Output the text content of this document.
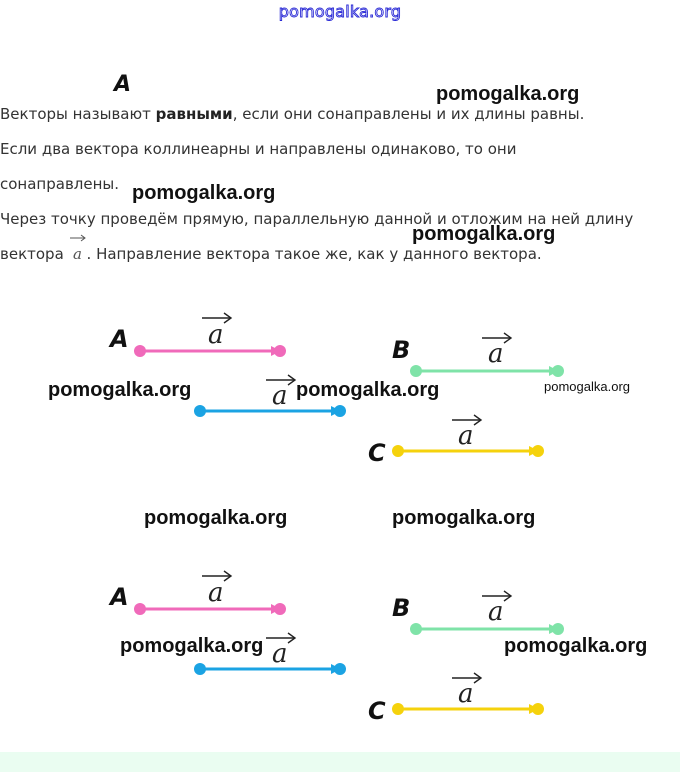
pomogalka.org
A

Векторы называют равными, если они сонаправлены и их длины равны.

Если два вектора коллинеарны и направлены одинаково, то они

сонаправлены.

Через точку проведём прямую, параллельную данной и отложим на ней длину

вектора
a . Направление вектора такое же, как у данного вектора.

A	a
a
B	a
C
a
A	a
a
B	a
C
a
pomogalka.org
pomogalka.org
pomogalka.org
pomogalka.org	pomogalka.org	pomogalka.org
pomogalka.org	pomogalka.org
pomogalka.org	pomogalka.org
